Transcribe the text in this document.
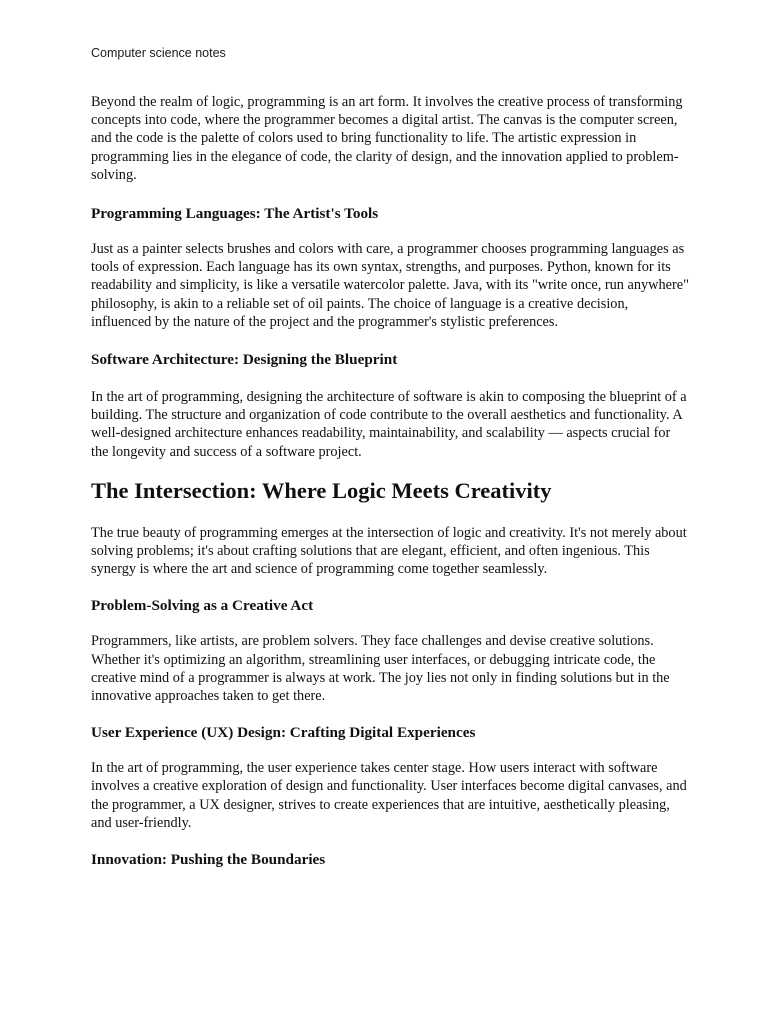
Computer science notes

Beyond the realm of logic, programming is an art form. It involves the creative process of transforming concepts into code, where the programmer becomes a digital artist. The canvas is the computer screen, and the code is the palette of colors used to bring functionality to life. The artistic expression in programming lies in the elegance of code, the clarity of design, and the innovation applied to problem-solving.

Programming Languages: The Artist's Tools

Just as a painter selects brushes and colors with care, a programmer chooses programming languages as tools of expression. Each language has its own syntax, strengths, and purposes. Python, known for its readability and simplicity, is like a versatile watercolor palette. Java, with its "write once, run anywhere" philosophy, is akin to a reliable set of oil paints. The choice of language is a creative decision, influenced by the nature of the project and the programmer's stylistic preferences.

Software Architecture: Designing the Blueprint

In the art of programming, designing the architecture of software is akin to composing the blueprint of a building. The structure and organization of code contribute to the overall aesthetics and functionality. A well-designed architecture enhances readability, maintainability, and scalability — aspects crucial for the longevity and success of a software project.

The Intersection: Where Logic Meets Creativity

The true beauty of programming emerges at the intersection of logic and creativity. It's not merely about solving problems; it's about crafting solutions that are elegant, efficient, and often ingenious. This synergy is where the art and science of programming come together seamlessly.

Problem-Solving as a Creative Act

Programmers, like artists, are problem solvers. They face challenges and devise creative solutions. Whether it's optimizing an algorithm, streamlining user interfaces, or debugging intricate code, the creative mind of a programmer is always at work. The joy lies not only in finding solutions but in the innovative approaches taken to get there.

User Experience (UX) Design: Crafting Digital Experiences

In the art of programming, the user experience takes center stage. How users interact with software involves a creative exploration of design and functionality. User interfaces become digital canvases, and the programmer, a UX designer, strives to create experiences that are intuitive, aesthetically pleasing, and user-friendly.

Innovation: Pushing the Boundaries
